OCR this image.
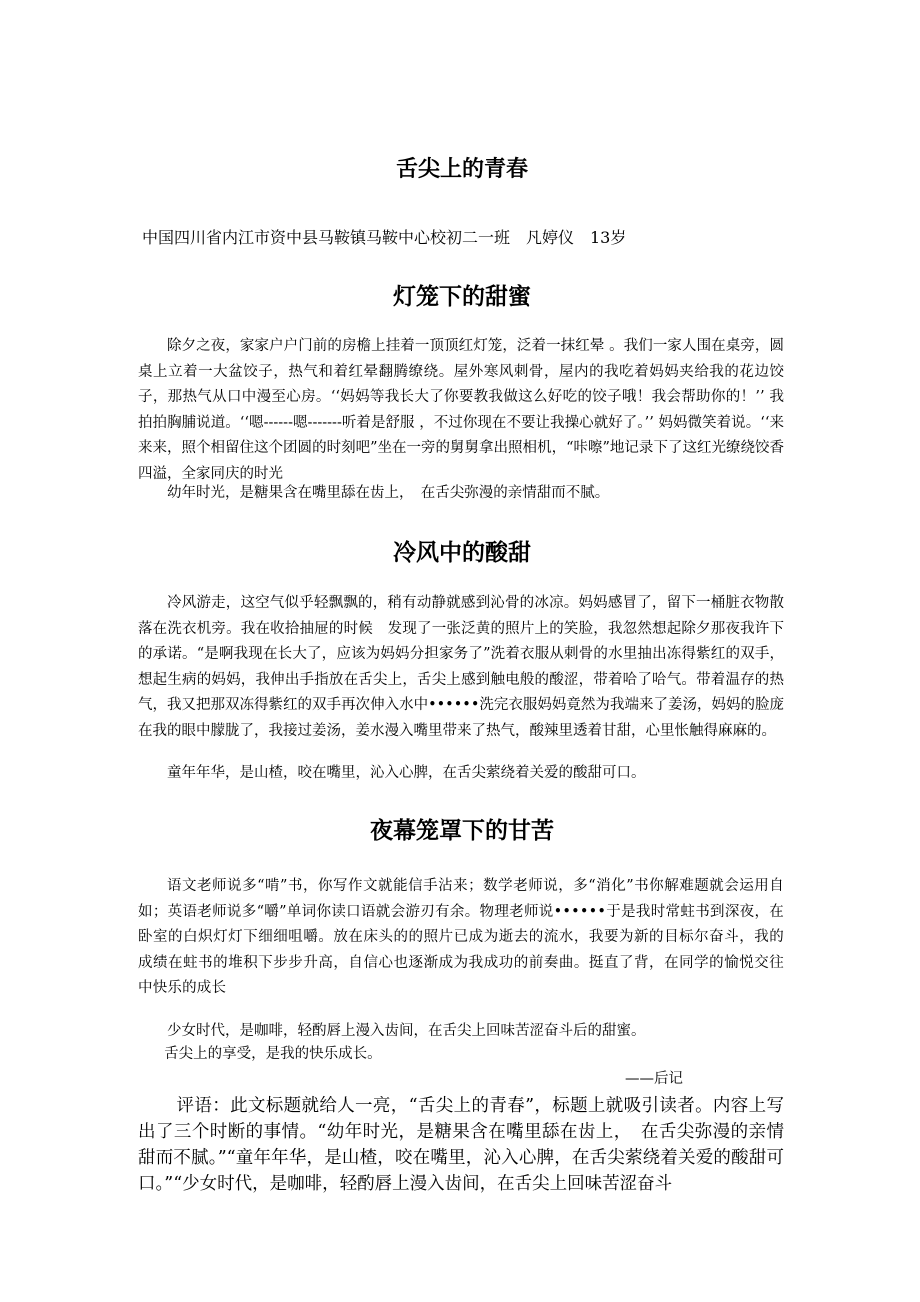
舌尖上的青春

中国四川省内江市资中县马鞍镇马鞍中心校初二一班　凡婷仪　13岁

灯笼下的甜蜜

除夕之夜，家家户户门前的房檐上挂着一顶顶红灯笼，泛着一抹红晕 。我们一家人围在桌旁，圆桌上立着一大盆饺子，热气和着红晕翻腾缭绕。屋外寒风刺骨，屋内的我吃着妈妈夹给我的花边饺子，那热气从口中漫至心房。‘‘妈妈等我长大了你要教我做这么好吃的饺子哦！我会帮助你的！’’ 我拍拍胸脯说道。‘‘嗯------嗯-------听着是舒服 ，不过你现在不要让我操心就好了。’’ 妈妈微笑着说。‘‘来来来，照个相留住这个团圆的时刻吧”坐在一旁的舅舅拿出照相机，“咔嚓”地记录下了这红光缭绕饺香四溢，全家同庆的时光

幼年时光，是糖果含在嘴里舔在齿上，　在舌尖弥漫的亲情甜而不腻。

冷风中的酸甜

冷风游走，这空气似乎轻飘飘的，稍有动静就感到沁骨的冰凉。妈妈感冒了，留下一桶脏衣物散落在洗衣机旁。我在收拾抽屉的时候　发现了一张泛黄的照片上的笑脸，我忽然想起除夕那夜我许下的承诺。“是啊我现在长大了，应该为妈妈分担家务了”洗着衣服从刺骨的水里抽出冻得紫红的双手，想起生病的妈妈，我伸出手指放在舌尖上，舌尖上感到触电般的酸涩，带着哈了哈气。带着温存的热气，我又把那双冻得紫红的双手再次伸入水中••••••洗完衣服妈妈竟然为我端来了姜汤，妈妈的脸庞在我的眼中朦胧了，我接过姜汤，姜水漫入嘴里带来了热气，酸辣里透着甘甜，心里怅触得麻麻的。

童年年华，是山楂，咬在嘴里，沁入心脾，在舌尖萦绕着关爱的酸甜可口。

夜幕笼罩下的甘苦

语文老师说多“啃”书，你写作文就能信手沾来；数学老师说，多“消化”书你解难题就会运用自如；英语老师说多“嚼”单词你读口语就会游刃有余。物理老师说••••••于是我时常蛀书到深夜，在卧室的白炽灯灯下细细咀嚼。放在床头的的照片已成为逝去的流水，我要为新的目标尔奋斗，我的成绩在蛀书的堆积下步步升高，自信心也逐渐成为我成功的前奏曲。挺直了背，在同学的愉悦交往中快乐的成长

少女时代，是咖啡，轻酌唇上漫入齿间，在舌尖上回味苦涩奋斗后的甜蜜。

舌尖上的享受，是我的快乐成长。

——后记

评语：此文标题就给人一亮，“舌尖上的青春”，标题上就吸引读者。内容上写出了三个时断的事情。“幼年时光，是糖果含在嘴里舔在齿上，　在舌尖弥漫的亲情甜而不腻。”“童年年华，是山楂，咬在嘴里，沁入心脾，在舌尖萦绕着关爱的酸甜可口。”“少女时代，是咖啡，轻酌唇上漫入齿间，在舌尖上回味苦涩奋斗
